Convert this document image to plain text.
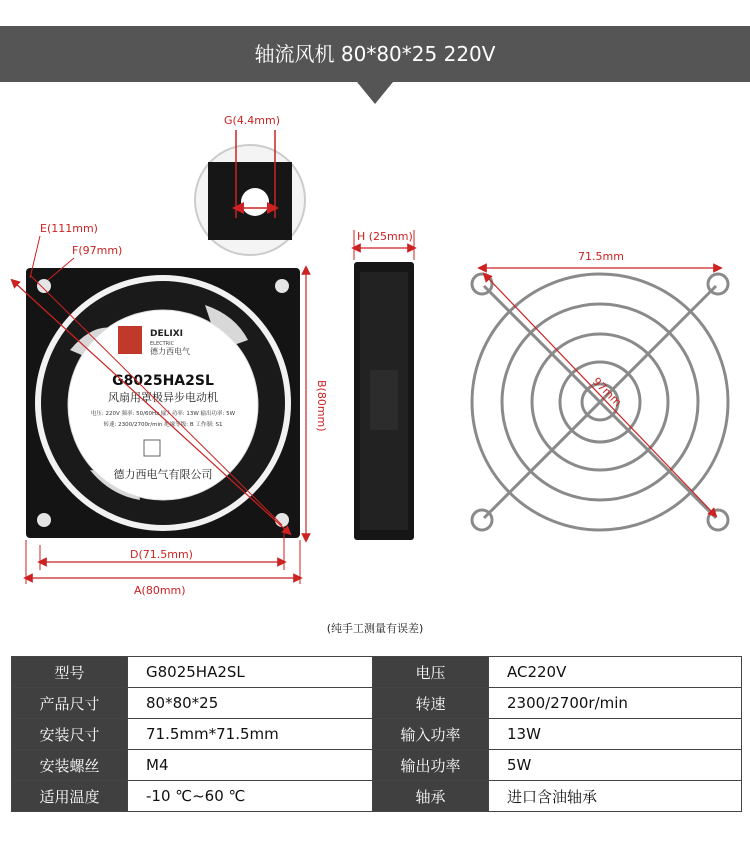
轴流风机 80*80*25 220V
G(4.4mm)
DELIXI
ELECTRIC
德力西电气
G8025HA2SL
风扇用罩极异步电动机
电压: 220V 频率: 50/60Hz 输入功率: 13W 输出功率: 5W
转速: 2300/2700r/min 绝缘等级: B 工作制: S1
德力西电气有限公司
E(111mm)
F(97mm)
B(80mm)
D(71.5mm)
A(80mm)
H (25mm)
71.5mm
97mm
(纯手工测量有误差)
型号	G8025HA2SL	电压	AC220V
产品尺寸	80*80*25	转速	2300/2700r/min
安装尺寸	71.5mm*71.5mm	输入功率	13W
安装螺丝	M4	输出功率	5W
适用温度	-10 ℃~60 ℃	轴承	进口含油轴承
